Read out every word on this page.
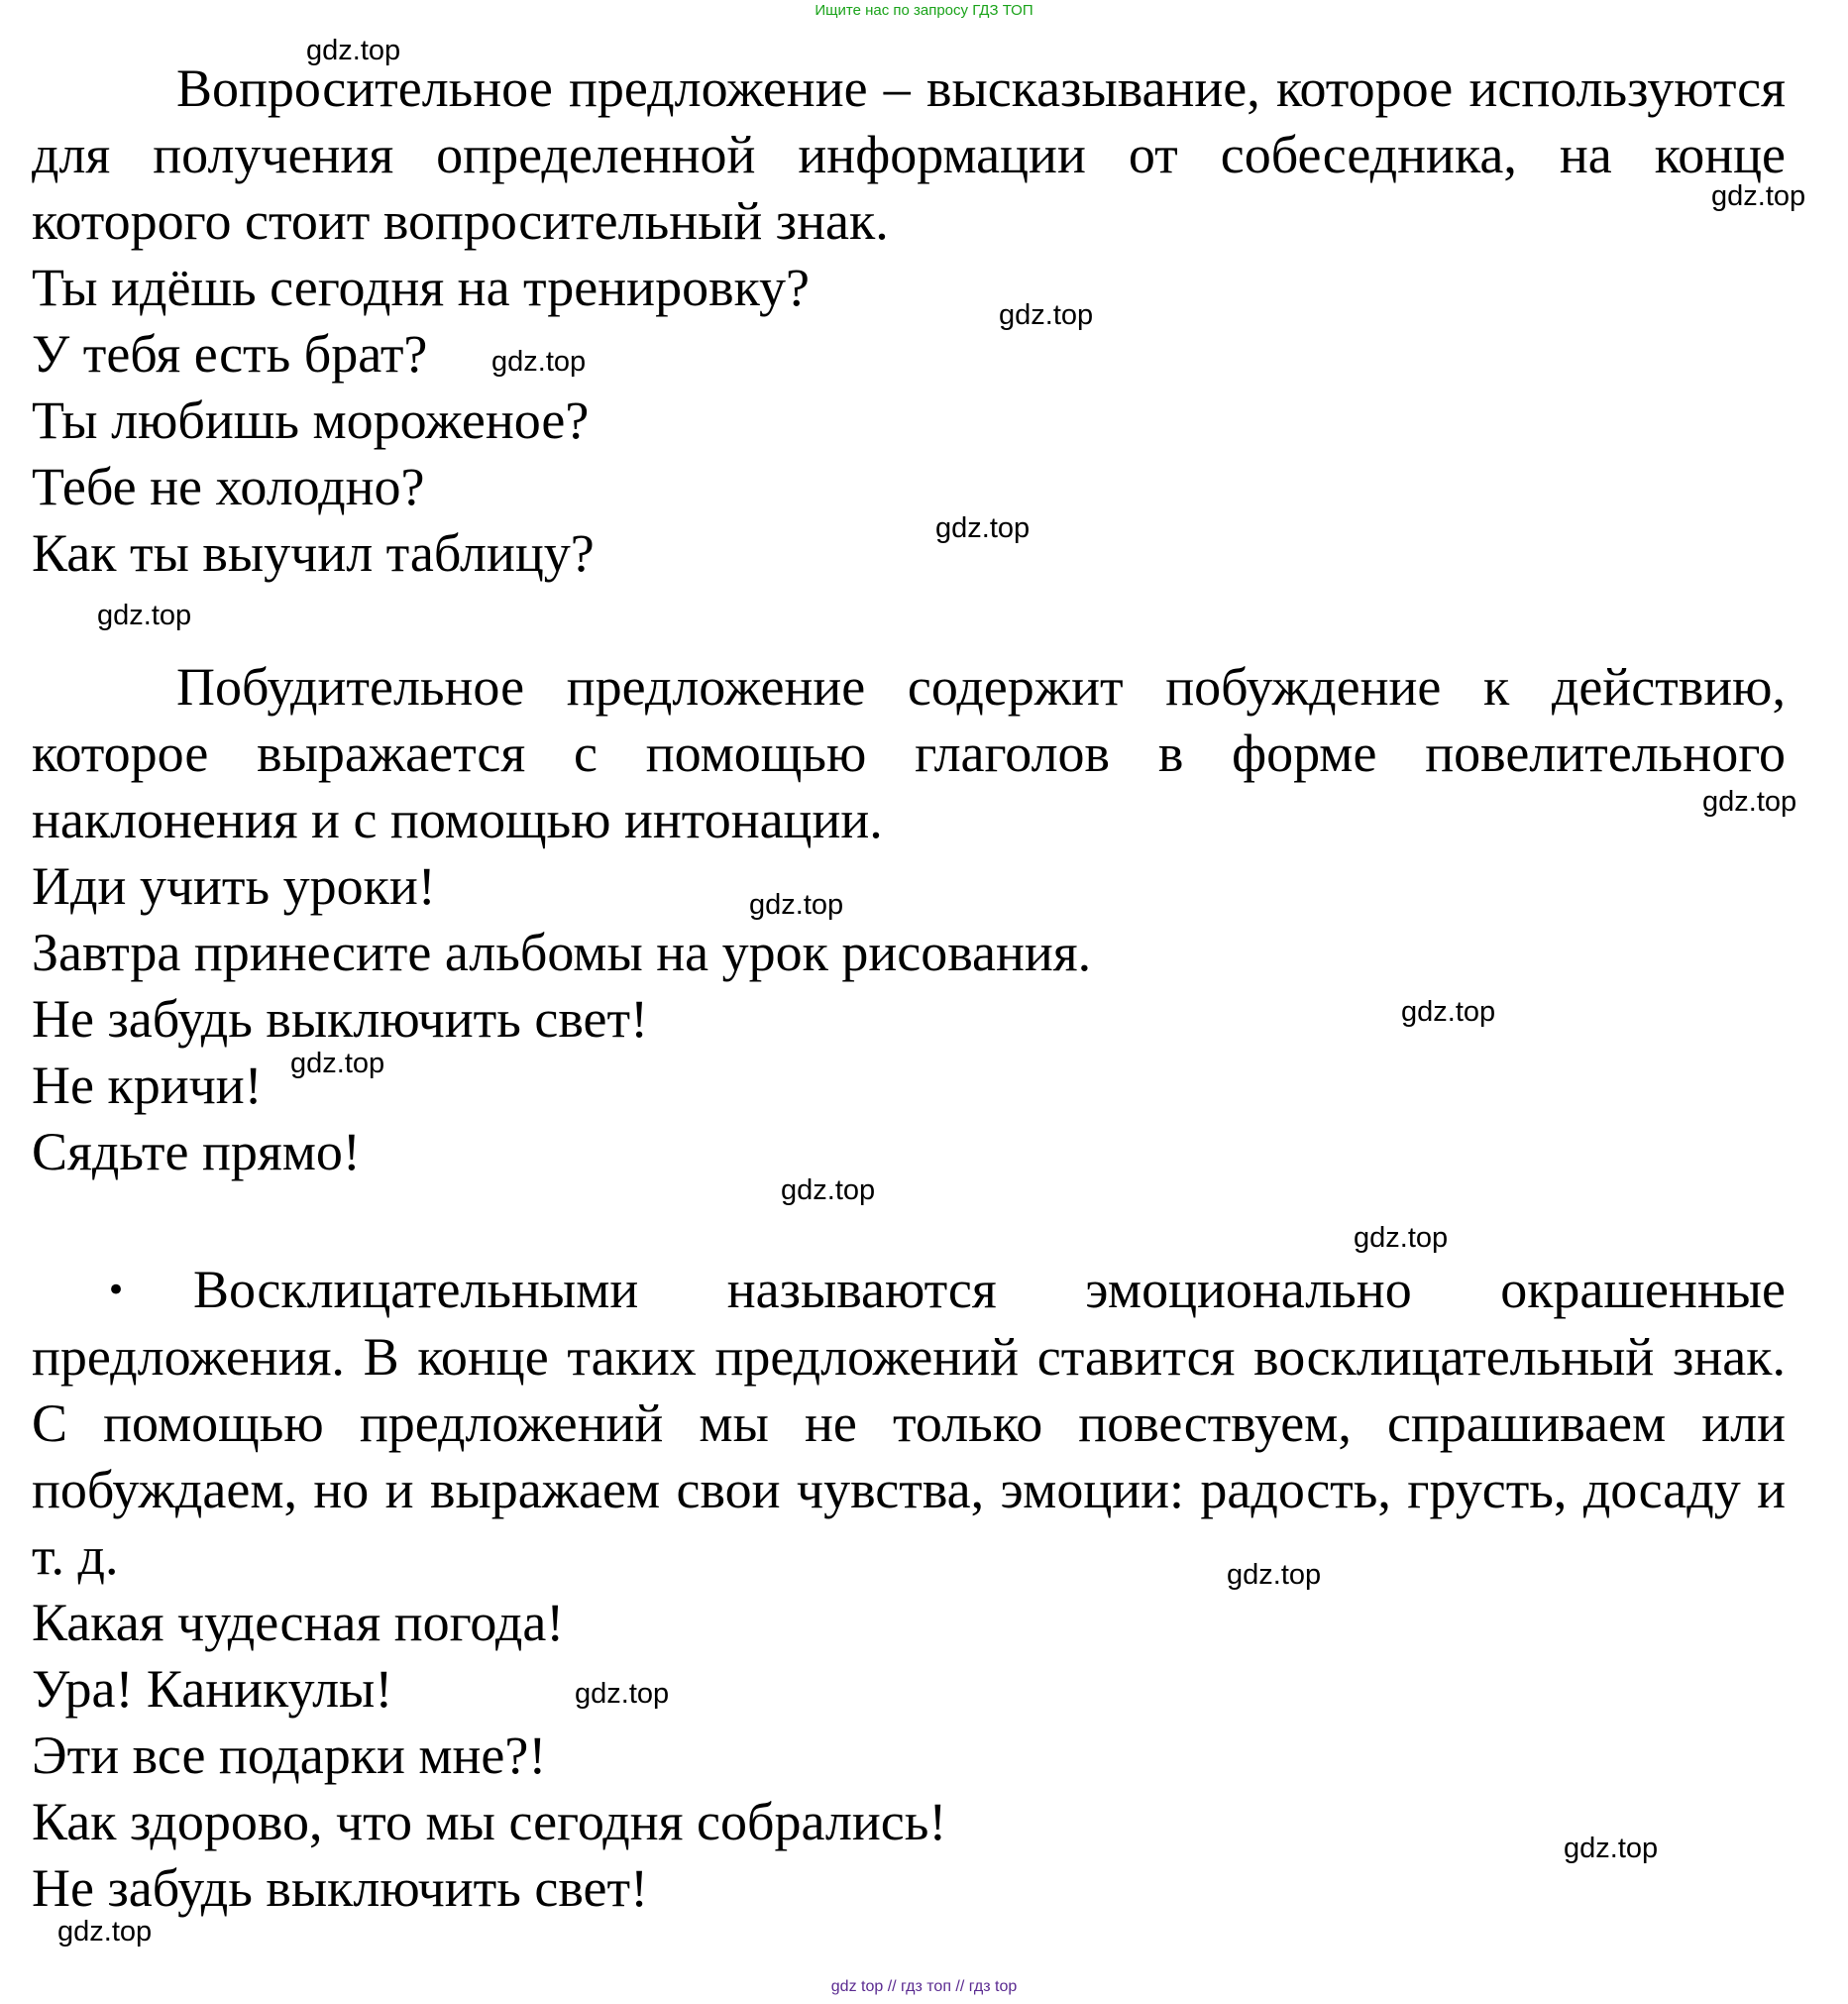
Ищите нас по запросу ГДЗ ТОП

Вопросительное предложение – высказывание, которое используются для получения определенной информации от собеседника, на конце которого стоит вопросительный знак.

Ты идёшь сегодня на тренировку?

У тебя есть брат?

Ты любишь мороженое?

Тебе не холодно?

Как ты выучил таблицу?

Побудительное предложение содержит побуждение к действию, которое выражается с помощью глаголов в форме повелительного наклонения и с помощью интонации.

Иди учить уроки!

Завтра принесите альбомы на урок рисования.

Не забудь выключить свет!

Не кричи!

Сядьте прямо!

• Восклицательными называются эмоционально окрашенные предложения. В конце таких предложений ставится восклицательный знак. С помощью предложений мы не только повествуем, спрашиваем или побуждаем, но и выражаем свои чувства, эмоции: радость, грусть, досаду и т. д.

Какая чудесная погода!

Ура! Каникулы!

Эти все подарки мне?!

Как здорово, что мы сегодня собрались!

Не забудь выключить свет!

gdz.top
gdz.top
gdz.top
gdz.top
gdz.top
gdz.top
gdz.top
gdz.top
gdz.top
gdz.top
gdz.top
gdz.top
gdz.top
gdz.top
gdz.top
gdz.top
gdz top // гдз топ // гдз top
